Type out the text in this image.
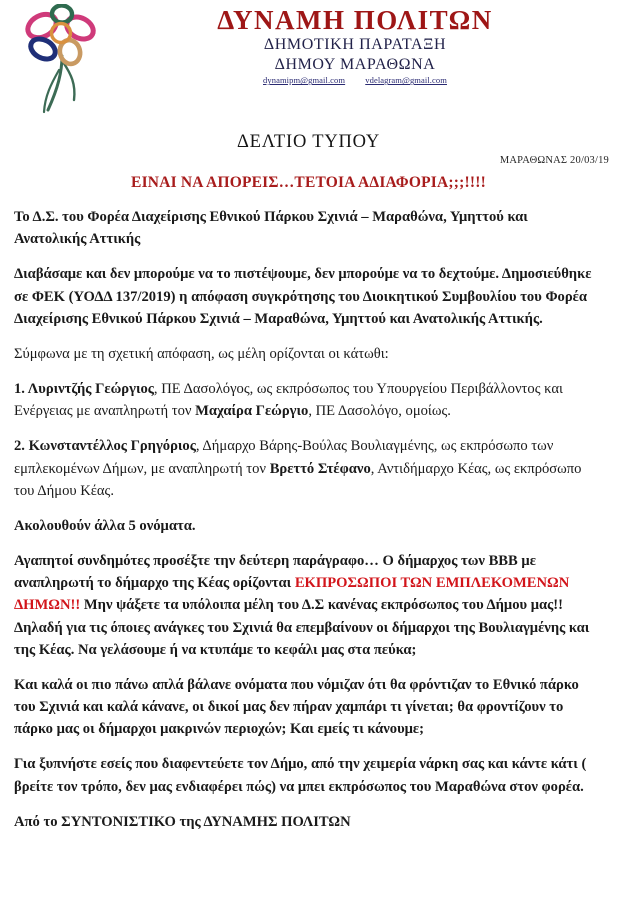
ΔΥΝΑΜΗ ΠΟΛΙΤΩΝ
ΔΗΜΟΤΙΚΗ ΠΑΡΑΤΑΞΗ
ΔΗΜΟΥ ΜΑΡΑΘΩΝΑ
dynamipm@gmail.com vdelagram@gmail.com
ΔΕΛΤΙΟ ΤΥΠΟΥ
ΜΑΡΑΘΩΝΑΣ 20/03/19
ΕΙΝΑΙ ΝΑ ΑΠΟΡΕΙΣ…ΤΕΤΟΙΑ ΑΔΙΑΦΟΡΙΑ;;;!!!!

Το Δ.Σ. του Φορέα Διαχείρισης Εθνικού Πάρκου Σχινιά – Μαραθώνα, Υμηττού και Ανατολικής Αττικής

Διαβάσαμε και δεν μπορούμε να το πιστέψουμε, δεν μπορούμε να το δεχτούμε. Δημοσιεύθηκε σε ΦΕΚ (ΥΟΔΔ 137/2019) η απόφαση συγκρότησης του Διοικητικού Συμβουλίου του Φορέα Διαχείρισης Εθνικού Πάρκου Σχινιά – Μαραθώνα, Υμηττού και Ανατολικής Αττικής.

Σύμφωνα με τη σχετική απόφαση, ως μέλη ορίζονται οι κάτωθι:

1. Λυριντζής Γεώργιος, ΠΕ Δασολόγος, ως εκπρόσωπος του Υπουργείου Περιβάλλοντος και Ενέργειας με αναπληρωτή τον Μαχαίρα Γεώργιο, ΠΕ Δασολόγο, ομοίως.

2. Κωνσταντέλλος Γρηγόριος, Δήμαρχο Βάρης-Βούλας Βουλιαγμένης, ως εκπρόσωπο των εμπλεκομένων Δήμων, με αναπληρωτή τον Βρεττό Στέφανο, Αντιδήμαρχο Κέας, ως εκπρόσωπο του Δήμου Κέας.

Ακολουθούν άλλα 5 ονόματα.

Αγαπητοί συνδημότες προσέξτε την δεύτερη παράγραφο… Ο δήμαρχος των ΒΒΒ με αναπληρωτή το δήμαρχο της Κέας ορίζονται ΕΚΠΡΟΣΩΠΟΙ ΤΩΝ ΕΜΠΛΕΚΟΜΕΝΩΝ ΔΗΜΩΝ!! Μην ψάξετε τα υπόλοιπα μέλη του Δ.Σ κανένας εκπρόσωπος του Δήμου μας!! Δηλαδή για τις όποιες ανάγκες του Σχινιά θα επεμβαίνουν οι δήμαρχοι της Βουλιαγμένης και της Κέας. Να γελάσουμε ή να κτυπάμε το κεφάλι μας στα πεύκα;

Και καλά οι πιο πάνω απλά βάλανε ονόματα που νόμιζαν ότι θα φρόντιζαν το Εθνικό πάρκο του Σχινιά και καλά κάνανε, οι δικοί μας δεν πήραν χαμπάρι τι γίνεται; θα φροντίζουν το πάρκο μας οι δήμαρχοι μακρινών περιοχών; Και εμείς τι κάνουμε;

Για ξυπνήστε εσείς που διαφεντεύετε τον Δήμο, από την χειμερία νάρκη σας και κάντε κάτι ( βρείτε τον τρόπο, δεν μας ενδιαφέρει πώς) να μπει εκπρόσωπος του Μαραθώνα στον φορέα.

Από το ΣΥΝΤΟΝΙΣΤΙΚΟ της ΔΥΝΑΜΗΣ ΠΟΛΙΤΩΝ
